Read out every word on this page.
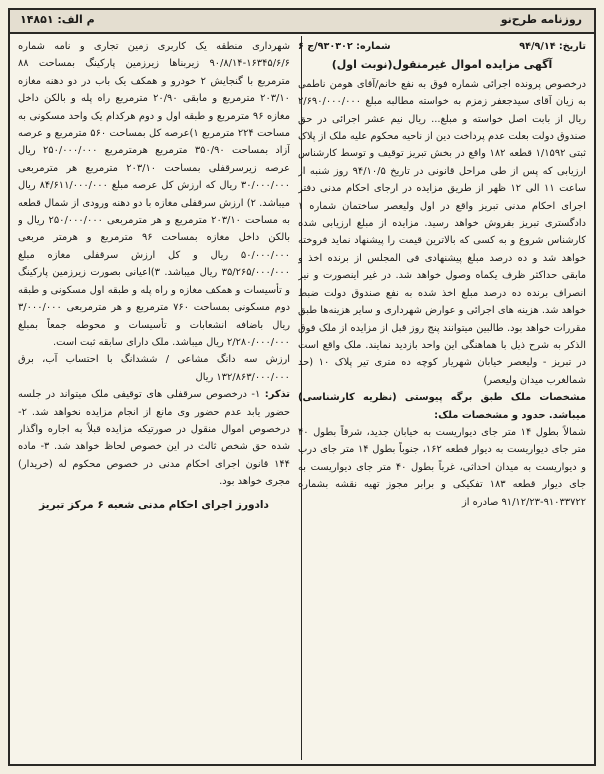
روزنامه طرح‌نو
م الف: ۱۴۸۵۱
تاریخ: ۹۴/۹/۱۴
شماره: ۹۳۰۳۰۲/ج ۶
آگهی مزایده اموال غیرمنقول(نوبت اول)

درخصوص پرونده اجرائی شماره فوق به نفع خانم/آقای هومن ناطمی به زیان آقای سیدجعفر زمزم به خواسته مطالبه مبلغ ۲/۶۹۰/۰۰۰/۰۰۰ ریال از بابت اصل خواسته و مبلغ... ریال نیم عشر اجرائی در حق صندوق دولت بعلت عدم پرداخت دین از ناحیه محکوم علیه ملک از پلاک ثبتی ۱/۱۵۹۲ قطعه ۱۸۲ واقع در بخش تبریز توقیف و توسط کارشناس ارزیابی که پس از طی مراحل قانونی در تاریخ ۹۴/۱۰/۵ روز شنبه از ساعت ۱۱ الی ۱۲ ظهر از طریق مزایده در ارجای احکام مدنی دفتر اجرای احکام مدنی تبریز واقع در اول ولیعصر ساختمان شماره ۱ دادگستری تبریز بفروش خواهد رسید. مزایده از مبلغ ارزیابی شده کارشناس شروع و به کسی که بالاترین قیمت را پیشنهاد نماید فروخته خواهد شد و ده درصد مبلغ پیشنهادی فی المجلس از برنده اخذ و مابقی حداکثر ظرف یکماه وصول خواهد شد. در غیر اینصورت و نیز انصراف برنده ده درصد مبلغ اخذ شده به نفع صندوق دولت ضبط خواهد شد. هزینه های اجرائی و عوارض شهرداری و سایر هزینه‌ها طبق مقررات خواهد بود. طالبین میتوانند پنج روز قبل از مزایده از ملک فوق الذکر به شرح ذیل با هماهنگی این واحد بازدید نمایند. ملک واقع است در تبریز - ولیعصر خیابان شهریار کوچه ده متری تیر پلاک ۱۰ (حد شمالغرب میدان ولیعصر)

مشخصات ملک طبق برگه پیوستی (نظریه کارشناسی) میباشد. حدود و مشخصات ملک:

شمالاً بطول ۱۴ متر جای دیواریست به خیابان جدید، شرقاً بطول ۴۰ متر جای دیواریست به دیوار قطعه ۱۶۲، جنوباً بطول ۱۴ متر جای درب و دیواریست به میدان احداثی، غرباً بطول ۴۰ متر جای دیواریست به جای دیوار قطعه ۱۸۳ تفکیکی و برابر مجوز تهیه نقشه بشماره ۹۱۰۳۳۷۲۲-۹۱/۱۲/۲۳ صادره از

شهرداری منطقه یک کاربری زمین تجاری و نامه شماره ۱۶۳۴۵/۶/۶-۹۰/۸/۱۴ زیربناها زیرزمین پارکینگ بمساحت ۸۸ مترمربع با گنجایش ۲ خودرو و همکف یک باب در دو دهنه مغازه ۲۰۳/۱۰ مترمربع و مابقی ۲۰/۹۰ مترمربع راه پله و بالکن داخل مغازه ۹۶ مترمربع و طبقه اول و دوم هرکدام یک واحد مسکونی به مساحت ۲۲۴ مترمربع ۱)عرصه کل بمساحت ۵۶۰ مترمربع و عرصه آزاد بمساحت ۳۵۰/۹۰ مترمربع هرمترمربع ۲۵۰/۰۰۰/۰۰۰ ریال عرصه زیرسرقفلی بمساحت ۲۰۳/۱۰ مترمربع هر مترمربعی ۳۰/۰۰۰/۰۰۰ ریال که ارزش کل عرصه مبلغ ۸۴/۶۱۱/۰۰۰/۰۰۰ ریال میباشد. ۲) ارزش سرقفلی مغازه با دو دهنه ورودی از شمال قطعه به مساحت ۲۰۳/۱۰ مترمربع و هر مترمربعی ۲۵۰/۰۰۰/۰۰۰ ریال و بالکن داخل مغازه بمساحت ۹۶ مترمربع و هرمتر مربعی ۵۰/۰۰۰/۰۰۰ ریال و کل ارزش سرقفلی مغازه مبلغ ۳۵/۲۶۵/۰۰۰/۰۰۰ ریال میباشد. ۳)اعیانی بصورت زیرزمین پارکینگ و تأسیسات و همکف مغازه و راه پله و طبقه اول مسکونی و طبقه دوم مسکونی بمساحت ۷۶۰ مترمربع و هر مترمربعی ۳/۰۰۰/۰۰۰ ریال باضافه انشعابات و تأسیسات و محوطه جمعاً بمبلغ ۲/۲۸۰/۰۰۰/۰۰۰ ریال میباشد. ملک دارای سابقه ثبت است.

ارزش سه دانگ مشاعی / ششدانگ با احتساب آب، برق ۱۳۲/۸۶۳/۰۰۰/۰۰۰ ریال

تذکر: ۱- درخصوص سرقفلی های توقیفی ملک میتواند در جلسه حضور یابد عدم حضور وی مانع از انجام مزایده نخواهد شد. ۲- درخصوص اموال منقول در صورتیکه مزایده قبلاً به اجاره واگذار شده حق شخص ثالث در این خصوص لحاظ خواهد شد. ۳- ماده ۱۴۴ قانون اجرای احکام مدنی در خصوص محکوم له (خریدار) مجری خواهد بود.

دادورز اجرای احکام مدنی شعبه ۶ مرکز تبریز
